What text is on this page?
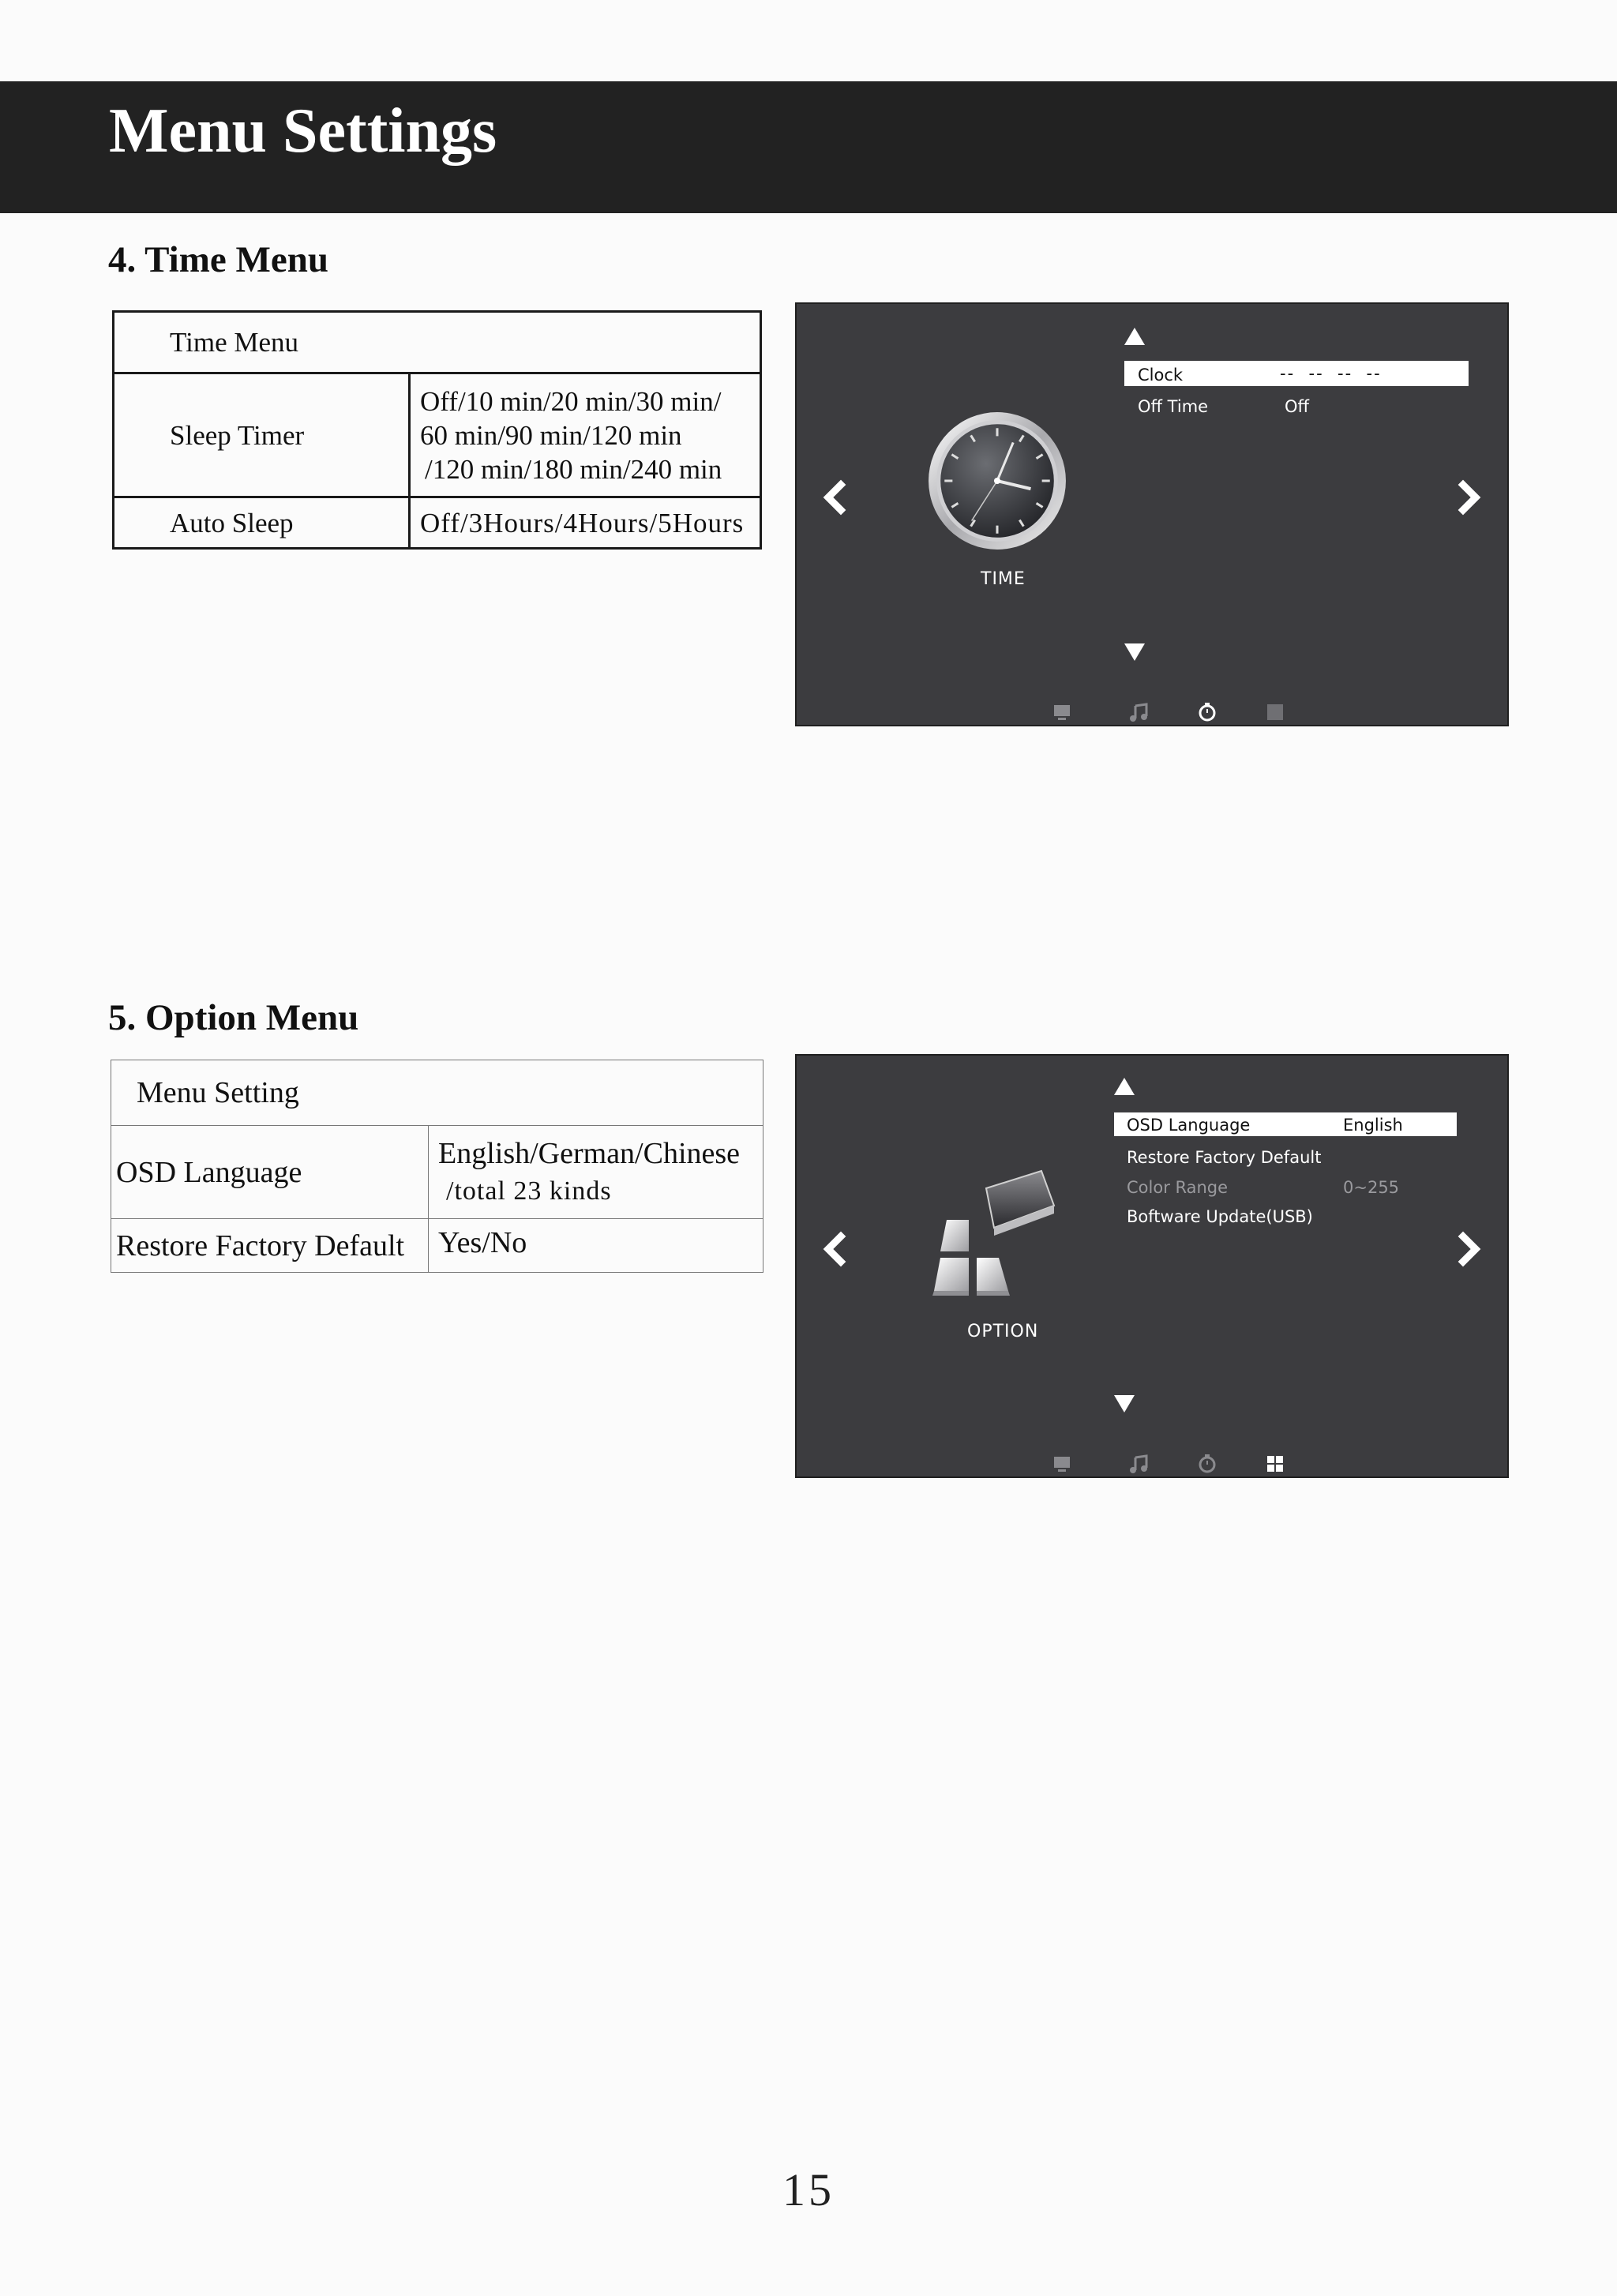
Menu Settings
4. Time Menu
Time Menu	
Sleep Timer	Off/10 min/20 min/30 min/
60 min/90 min/120 min
/120 min/180 min/240 min

Auto Sleep	Off/3Hours/4Hours/5Hours
Clock	--  --  --  --
Off Time	Off
TIME
5. Option Menu
Menu Setting	
OSD Language	English/German/Chinese
/total 23 kinds

Restore Factory Default	Yes/No
OSD Language	English
Restore Factory Default
Color Range	0~255
Boftware Update(USB)
OPTION
15
